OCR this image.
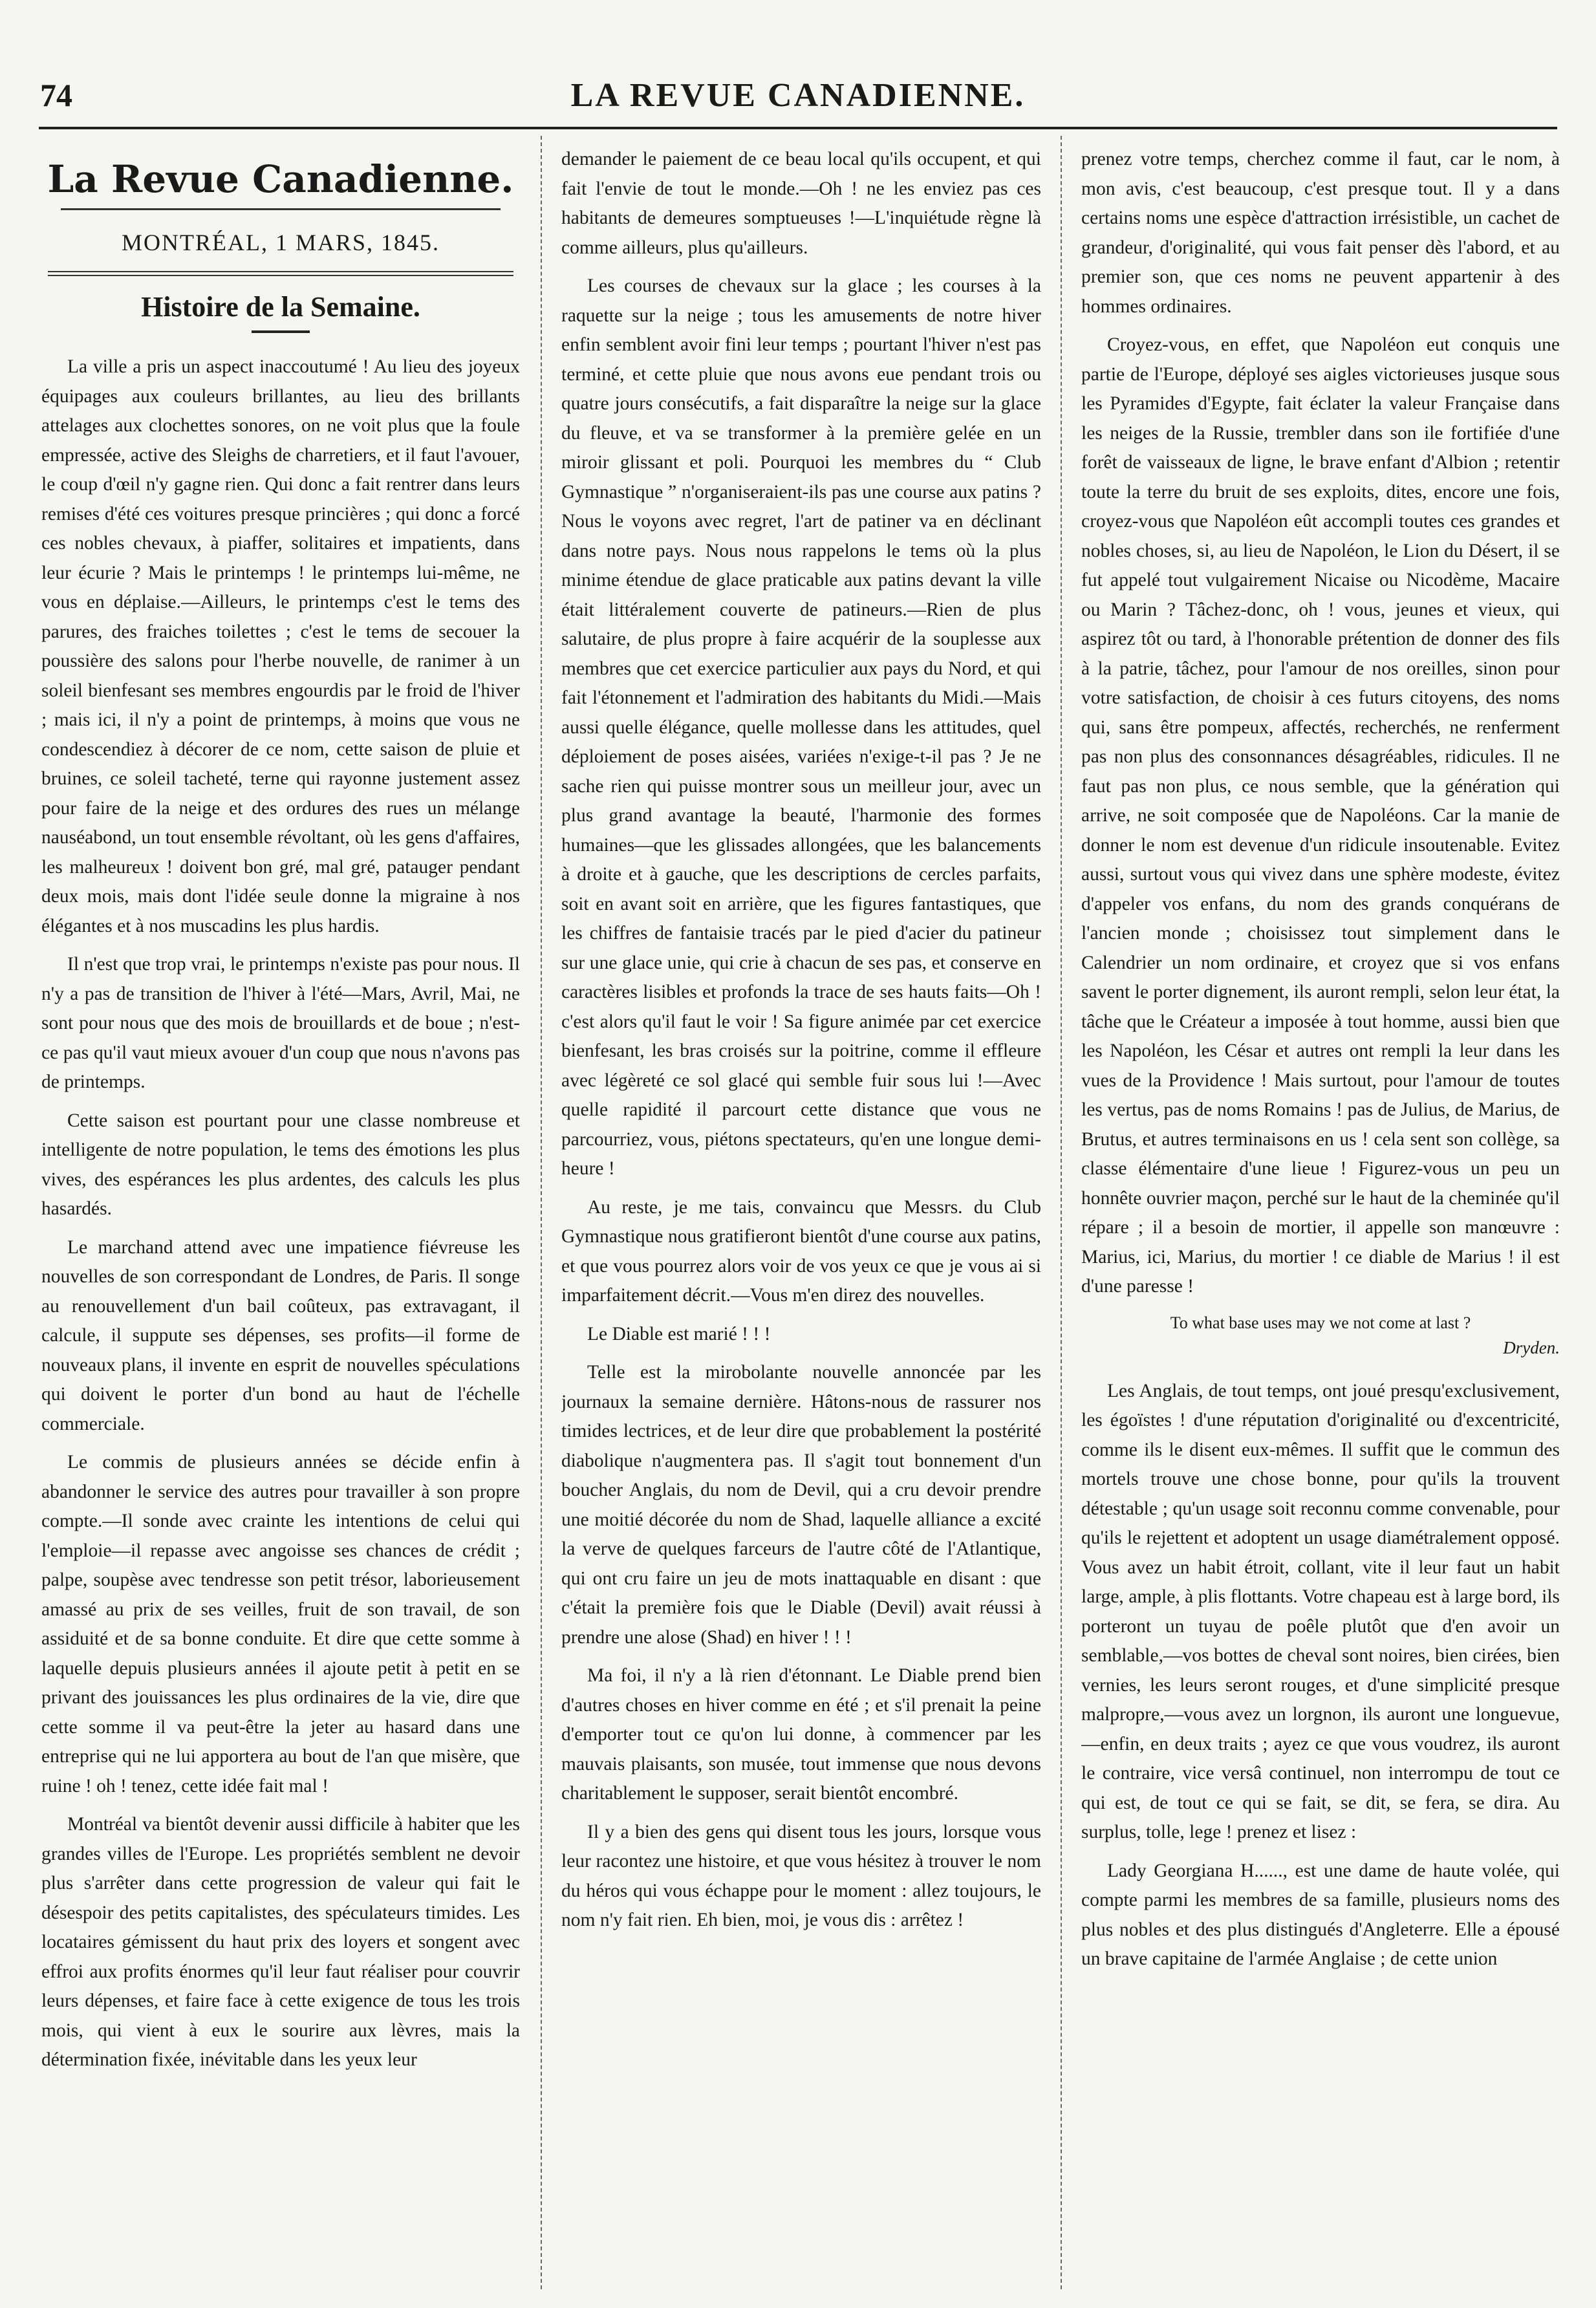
74	LA REVUE CANADIENNE.
La Revue Canadienne.
MONTRÉAL, 1 MARS, 1845.
Histoire de la Semaine.

La ville a pris un aspect inaccoutumé ! Au lieu des joyeux équipages aux couleurs brillantes, au lieu des brillants attelages aux clochettes sonores, on ne voit plus que la foule empressée, active des Sleighs de charretiers, et il faut l'avouer, le coup d'œil n'y gagne rien. Qui donc a fait rentrer dans leurs remises d'été ces voitures presque princières ; qui donc a forcé ces nobles chevaux, à piaffer, solitaires et impatients, dans leur écurie ? Mais le printemps ! le printemps lui-même, ne vous en déplaise.—Ailleurs, le printemps c'est le tems des parures, des fraiches toilettes ; c'est le tems de secouer la poussière des salons pour l'herbe nouvelle, de ranimer à un soleil bienfesant ses membres engourdis par le froid de l'hiver ; mais ici, il n'y a point de printemps, à moins que vous ne condescendiez à décorer de ce nom, cette saison de pluie et bruines, ce soleil tacheté, terne qui rayonne justement assez pour faire de la neige et des ordures des rues un mélange nauséabond, un tout ensemble révoltant, où les gens d'affaires, les malheureux ! doivent bon gré, mal gré, patauger pendant deux mois, mais dont l'idée seule donne la migraine à nos élégantes et à nos muscadins les plus hardis.

Il n'est que trop vrai, le printemps n'existe pas pour nous. Il n'y a pas de transition de l'hiver à l'été—Mars, Avril, Mai, ne sont pour nous que des mois de brouillards et de boue ; n'est-ce pas qu'il vaut mieux avouer d'un coup que nous n'avons pas de printemps.

Cette saison est pourtant pour une classe nombreuse et intelligente de notre population, le tems des émotions les plus vives, des espérances les plus ardentes, des calculs les plus hasardés.

Le marchand attend avec une impatience fiévreuse les nouvelles de son correspondant de Londres, de Paris. Il songe au renouvellement d'un bail coûteux, pas extravagant, il calcule, il suppute ses dépenses, ses profits—il forme de nouveaux plans, il invente en esprit de nouvelles spéculations qui doivent le porter d'un bond au haut de l'échelle commerciale.

Le commis de plusieurs années se décide enfin à abandonner le service des autres pour travailler à son propre compte.—Il sonde avec crainte les intentions de celui qui l'emploie—il repasse avec angoisse ses chances de crédit ; palpe, soupèse avec tendresse son petit trésor, laborieusement amassé au prix de ses veilles, fruit de son travail, de son assiduité et de sa bonne conduite. Et dire que cette somme à laquelle depuis plusieurs années il ajoute petit à petit en se privant des jouissances les plus ordinaires de la vie, dire que cette somme il va peut-être la jeter au hasard dans une entreprise qui ne lui apportera au bout de l'an que misère, que ruine ! oh ! tenez, cette idée fait mal !

Montréal va bientôt devenir aussi difficile à habiter que les grandes villes de l'Europe. Les propriétés semblent ne devoir plus s'arrêter dans cette progression de valeur qui fait le désespoir des petits capitalistes, des spéculateurs timides. Les locataires gémissent du haut prix des loyers et songent avec effroi aux profits énormes qu'il leur faut réaliser pour couvrir leurs dépenses, et faire face à cette exigence de tous les trois mois, qui vient à eux le sourire aux lèvres, mais la détermination fixée, inévitable dans les yeux leur

demander le paiement de ce beau local qu'ils occupent, et qui fait l'envie de tout le monde.—Oh ! ne les enviez pas ces habitants de demeures somptueuses !—L'inquiétude règne là comme ailleurs, plus qu'ailleurs.

Les courses de chevaux sur la glace ; les courses à la raquette sur la neige ; tous les amusements de notre hiver enfin semblent avoir fini leur temps ; pourtant l'hiver n'est pas terminé, et cette pluie que nous avons eue pendant trois ou quatre jours consécutifs, a fait disparaître la neige sur la glace du fleuve, et va se transformer à la première gelée en un miroir glissant et poli. Pourquoi les membres du “ Club Gymnastique ” n'organiseraient-ils pas une course aux patins ? Nous le voyons avec regret, l'art de patiner va en déclinant dans notre pays. Nous nous rappelons le tems où la plus minime étendue de glace praticable aux patins devant la ville était littéralement couverte de patineurs.—Rien de plus salutaire, de plus propre à faire acquérir de la souplesse aux membres que cet exercice particulier aux pays du Nord, et qui fait l'étonnement et l'admiration des habitants du Midi.—Mais aussi quelle élégance, quelle mollesse dans les attitudes, quel déploiement de poses aisées, variées n'exige-t-il pas ? Je ne sache rien qui puisse montrer sous un meilleur jour, avec un plus grand avantage la beauté, l'harmonie des formes humaines—que les glissades allongées, que les balancements à droite et à gauche, que les descriptions de cercles parfaits, soit en avant soit en arrière, que les figures fantastiques, que les chiffres de fantaisie tracés par le pied d'acier du patineur sur une glace unie, qui crie à chacun de ses pas, et conserve en caractères lisibles et profonds la trace de ses hauts faits—Oh ! c'est alors qu'il faut le voir ! Sa figure animée par cet exercice bienfesant, les bras croisés sur la poitrine, comme il effleure avec légèreté ce sol glacé qui semble fuir sous lui !—Avec quelle rapidité il parcourt cette distance que vous ne parcourriez, vous, piétons spectateurs, qu'en une longue demi-heure !

Au reste, je me tais, convaincu que Messrs. du Club Gymnastique nous gratifieront bientôt d'une course aux patins, et que vous pourrez alors voir de vos yeux ce que je vous ai si imparfaitement décrit.—Vous m'en direz des nouvelles.

Le Diable est marié ! ! !

Telle est la mirobolante nouvelle annoncée par les journaux la semaine dernière. Hâtons-nous de rassurer nos timides lectrices, et de leur dire que probablement la postérité diabolique n'augmentera pas. Il s'agit tout bonnement d'un boucher Anglais, du nom de Devil, qui a cru devoir prendre une moitié décorée du nom de Shad, laquelle alliance a excité la verve de quelques farceurs de l'autre côté de l'Atlantique, qui ont cru faire un jeu de mots inattaquable en disant : que c'était la première fois que le Diable (Devil) avait réussi à prendre une alose (Shad) en hiver ! ! !

Ma foi, il n'y a là rien d'étonnant. Le Diable prend bien d'autres choses en hiver comme en été ; et s'il prenait la peine d'emporter tout ce qu'on lui donne, à commencer par les mauvais plaisants, son musée, tout immense que nous devons charitablement le supposer, serait bientôt encombré.

Il y a bien des gens qui disent tous les jours, lorsque vous leur racontez une histoire, et que vous hésitez à trouver le nom du héros qui vous échappe pour le moment : allez toujours, le nom n'y fait rien. Eh bien, moi, je vous dis : arrêtez !

prenez votre temps, cherchez comme il faut, car le nom, à mon avis, c'est beaucoup, c'est presque tout. Il y a dans certains noms une espèce d'attraction irrésistible, un cachet de grandeur, d'originalité, qui vous fait penser dès l'abord, et au premier son, que ces noms ne peuvent appartenir à des hommes ordinaires.

Croyez-vous, en effet, que Napoléon eut conquis une partie de l'Europe, déployé ses aigles victorieuses jusque sous les Pyramides d'Egypte, fait éclater la valeur Française dans les neiges de la Russie, trembler dans son ile fortifiée d'une forêt de vaisseaux de ligne, le brave enfant d'Albion ; retentir toute la terre du bruit de ses exploits, dites, encore une fois, croyez-vous que Napoléon eût accompli toutes ces grandes et nobles choses, si, au lieu de Napoléon, le Lion du Désert, il se fut appelé tout vulgairement Nicaise ou Nicodème, Macaire ou Marin ? Tâchez-donc, oh ! vous, jeunes et vieux, qui aspirez tôt ou tard, à l'honorable prétention de donner des fils à la patrie, tâchez, pour l'amour de nos oreilles, sinon pour votre satisfaction, de choisir à ces futurs citoyens, des noms qui, sans être pompeux, affectés, recherchés, ne renferment pas non plus des consonnances désagréables, ridicules. Il ne faut pas non plus, ce nous semble, que la génération qui arrive, ne soit composée que de Napoléons. Car la manie de donner le nom est devenue d'un ridicule insoutenable. Evitez aussi, surtout vous qui vivez dans une sphère modeste, évitez d'appeler vos enfans, du nom des grands conquérans de l'ancien monde ; choisissez tout simplement dans le Calendrier un nom ordinaire, et croyez que si vos enfans savent le porter dignement, ils auront rempli, selon leur état, la tâche que le Créateur a imposée à tout homme, aussi bien que les Napoléon, les César et autres ont rempli la leur dans les vues de la Providence ! Mais surtout, pour l'amour de toutes les vertus, pas de noms Romains ! pas de Julius, de Marius, de Brutus, et autres terminaisons en us ! cela sent son collège, sa classe élémentaire d'une lieue ! Figurez-vous un peu un honnête ouvrier maçon, perché sur le haut de la cheminée qu'il répare ; il a besoin de mortier, il appelle son manœuvre : Marius, ici, Marius, du mortier ! ce diable de Marius ! il est d'une paresse !

To what base uses may we not come at last ?
Dryden.

Les Anglais, de tout temps, ont joué presqu'exclusivement, les égoïstes ! d'une réputation d'originalité ou d'excentricité, comme ils le disent eux-mêmes. Il suffit que le commun des mortels trouve une chose bonne, pour qu'ils la trouvent détestable ; qu'un usage soit reconnu comme convenable, pour qu'ils le rejettent et adoptent un usage diamétralement opposé. Vous avez un habit étroit, collant, vite il leur faut un habit large, ample, à plis flottants. Votre chapeau est à large bord, ils porteront un tuyau de poêle plutôt que d'en avoir un semblable,—vos bottes de cheval sont noires, bien cirées, bien vernies, les leurs seront rouges, et d'une simplicité presque malpropre,—vous avez un lorgnon, ils auront une longuevue,—enfin, en deux traits ; ayez ce que vous voudrez, ils auront le contraire, vice versâ continuel, non interrompu de tout ce qui est, de tout ce qui se fait, se dit, se fera, se dira. Au surplus, tolle, lege ! prenez et lisez :

Lady Georgiana H......, est une dame de haute volée, qui compte parmi les membres de sa famille, plusieurs noms des plus nobles et des plus distingués d'Angleterre. Elle a épousé un brave capitaine de l'armée Anglaise ; de cette union
